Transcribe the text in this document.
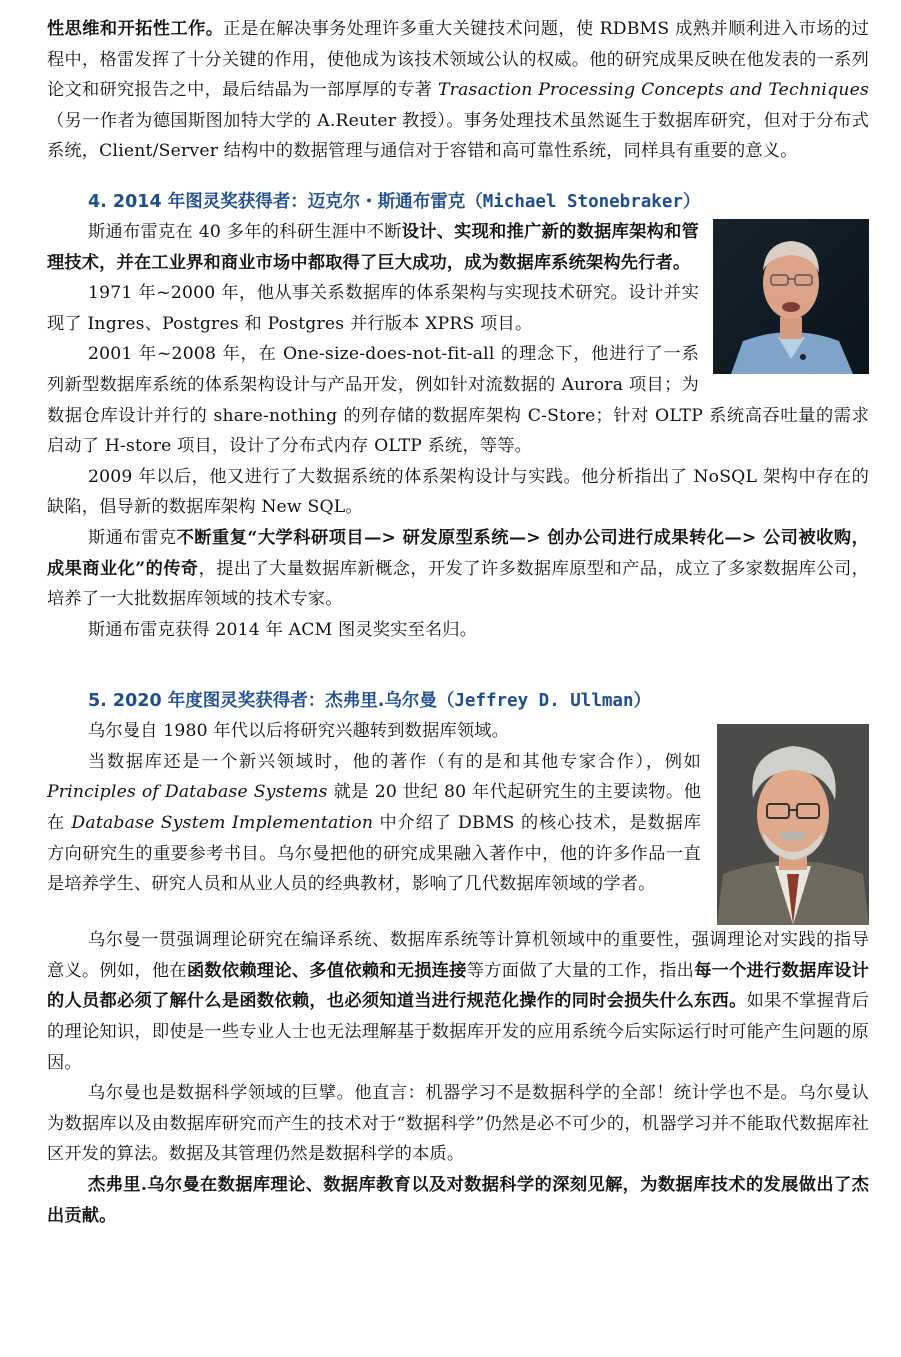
性思维和开拓性工作。正是在解决事务处理许多重大关键技术问题，使 RDBMS 成熟并顺利进入市场的过程中，格雷发挥了十分关键的作用，使他成为该技术领域公认的权威。他的研究成果反映在他发表的一系列论文和研究报告之中，最后结晶为一部厚厚的专著 Trasaction Processing Concepts and Techniques（另一作者为德国斯图加特大学的 A.Reuter 教授）。事务处理技术虽然诞生于数据库研究，但对于分布式系统，Client/Server 结构中的数据管理与通信对于容错和高可靠性系统，同样具有重要的意义。

4. 2014 年图灵奖获得者：迈克尔・斯通布雷克（Michael Stonebraker）

斯通布雷克在 40 多年的科研生涯中不断设计、实现和推广新的数据库架构和管理技术，并在工业界和商业市场中都取得了巨大成功，成为数据库系统架构先行者。

1971 年~2000 年，他从事关系数据库的体系架构与实现技术研究。设计并实现了 Ingres、Postgres 和 Postgres 并行版本 XPRS 项目。

2001 年~2008 年，在 One-size-does-not-fit-all 的理念下，他进行了一系列新型数据库系统的体系架构设计与产品开发，例如针对流数据的 Aurora 项目；为数据仓库设计并行的 share-nothing 的列存储的数据库架构 C-Store；针对 OLTP 系统高吞吐量的需求启动了 H-store 项目，设计了分布式内存 OLTP 系统，等等。

2009 年以后，他又进行了大数据系统的体系架构设计与实践。他分析指出了 NoSQL 架构中存在的缺陷，倡导新的数据库架构 New SQL。

斯通布雷克不断重复“大学科研项目—> 研发原型系统—> 创办公司进行成果转化—> 公司被收购，成果商业化”的传奇，提出了大量数据库新概念，开发了许多数据库原型和产品，成立了多家数据库公司，培养了一大批数据库领域的技术专家。

斯通布雷克获得 2014 年 ACM 图灵奖实至名归。

5. 2020 年度图灵奖获得者：杰弗里.乌尔曼（Jeffrey D. Ullman）

乌尔曼自 1980 年代以后将研究兴趣转到数据库领域。

当数据库还是一个新兴领域时，他的著作（有的是和其他专家合作），例如 Principles of Database Systems 就是 20 世纪 80 年代起研究生的主要读物。他在 Database System Implementation 中介绍了 DBMS 的核心技术，是数据库方向研究生的重要参考书目。乌尔曼把他的研究成果融入著作中，他的许多作品一直是培养学生、研究人员和从业人员的经典教材，影响了几代数据库领域的学者。

乌尔曼一贯强调理论研究在编译系统、数据库系统等计算机领域中的重要性，强调理论对实践的指导意义。例如，他在函数依赖理论、多值依赖和无损连接等方面做了大量的工作，指出每一个进行数据库设计的人员都必须了解什么是函数依赖，也必须知道当进行规范化操作的同时会损失什么东西。如果不掌握背后的理论知识，即使是一些专业人士也无法理解基于数据库开发的应用系统今后实际运行时可能产生问题的原因。

乌尔曼也是数据科学领域的巨擘。他直言：机器学习不是数据科学的全部！统计学也不是。乌尔曼认为数据库以及由数据库研究而产生的技术对于“数据科学”仍然是必不可少的，机器学习并不能取代数据库社区开发的算法。数据及其管理仍然是数据科学的本质。

杰弗里.乌尔曼在数据库理论、数据库教育以及对数据科学的深刻见解，为数据库技术的发展做出了杰出贡献。
